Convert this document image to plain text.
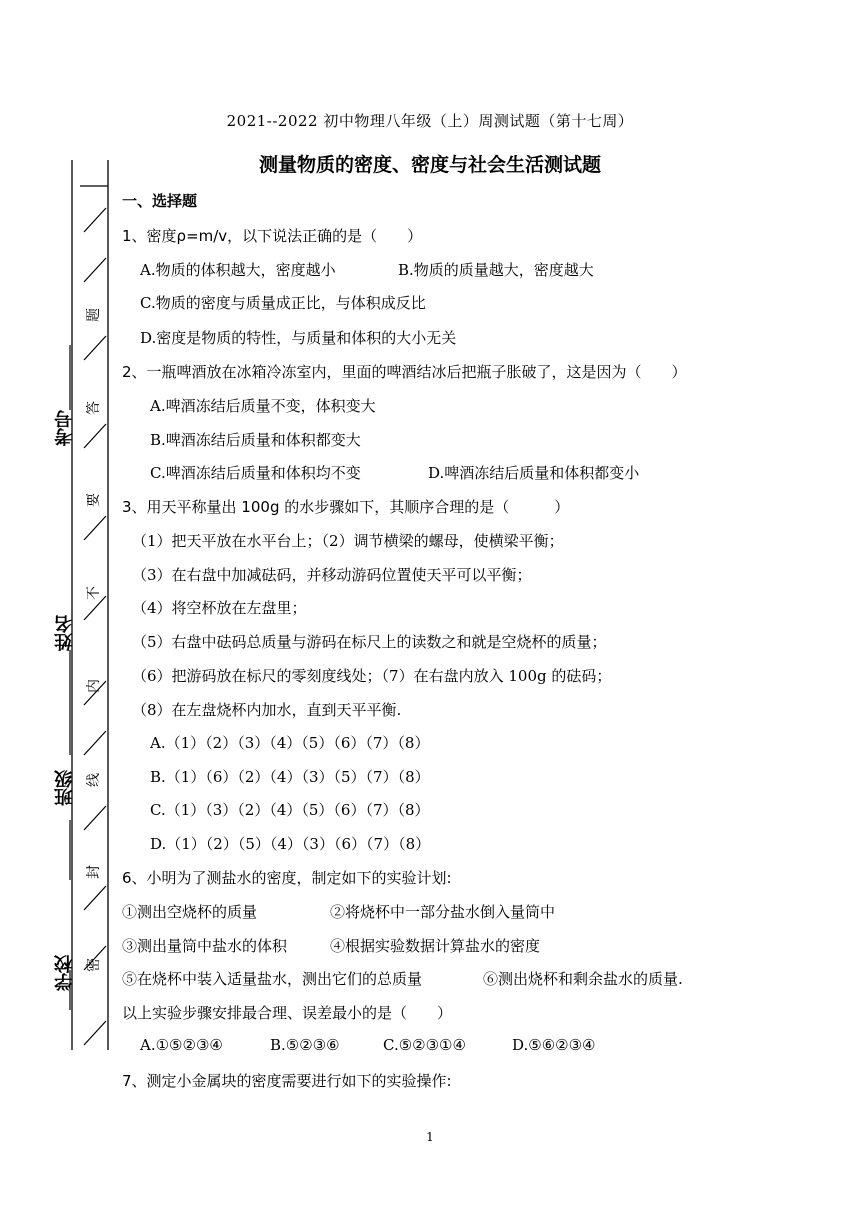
2021--2022 初中物理八年级（上）周测试题（第十七周）
测量物质的密度、密度与社会生活测试题
考号
姓名
班级
学校
题
答
要
不
内
线
封
密
一、选择题
1、密度ρ=m/v，以下说法正确的是（　　）
A.物质的体积越大，密度越小	B.物质的质量越大，密度越大
C.物质的密度与质量成正比，与体积成反比
D.密度是物质的特性，与质量和体积的大小无关
2、一瓶啤酒放在冰箱冷冻室内，里面的啤酒结冰后把瓶子胀破了，这是因为（　　）
A.啤酒冻结后质量不变，体积变大
B.啤酒冻结后质量和体积都变大
C.啤酒冻结后质量和体积均不变	D.啤酒冻结后质量和体积都变小
3、用天平称量出 100g 的水步骤如下，其顺序合理的是（　　　）
（1）把天平放在水平台上；（2）调节横梁的螺母，使横梁平衡；
（3）在右盘中加减砝码，并移动游码位置使天平可以平衡；
（4）将空杯放在左盘里；
（5）右盘中砝码总质量与游码在标尺上的读数之和就是空烧杯的质量；
（6）把游码放在标尺的零刻度线处；（7）在右盘内放入 100g 的砝码；
（8）在左盘烧杯内加水，直到天平平衡.
A.（1）（2）（3）（4）（5）（6）（7）（8）
B.（1）（6）（2）（4）（3）（5）（7）（8）
C.（1）（3）（2）（4）（5）（6）（7）（8）
D.（1）（2）（5）（4）（3）（6）（7）（8）
6、小明为了测盐水的密度，制定如下的实验计划:
①测出空烧杯的质量	②将烧杯中一部分盐水倒入量筒中
③测出量筒中盐水的体积	④根据实验数据计算盐水的密度
⑤在烧杯中装入适量盐水，测出它们的总质量	⑥测出烧杯和剩余盐水的质量.
以上实验步骤安排最合理、误差最小的是（　　）
A.①⑤②③④	B.⑤②③⑥	C.⑤②③①④	D.⑤⑥②③④
7、测定小金属块的密度需要进行如下的实验操作:
1
